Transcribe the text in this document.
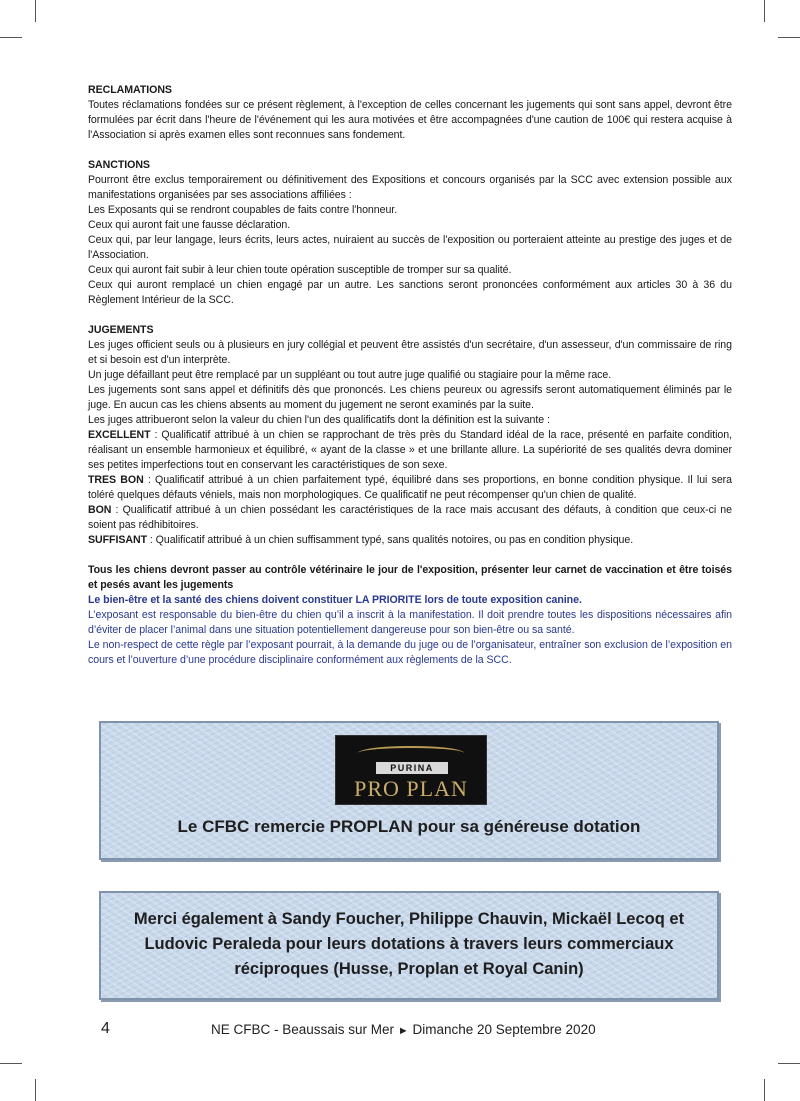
RECLAMATIONS

Toutes réclamations fondées sur ce présent règlement, à l'exception de celles concernant les jugements qui sont sans appel, devront être formulées par écrit dans l'heure de l'événement qui les aura motivées et être accompagnées d'une caution de 100€ qui restera acquise à l'Association si après examen elles sont reconnues sans fondement.

SANCTIONS

Pourront être exclus temporairement ou définitivement des Expositions et concours organisés par la SCC avec extension possible aux manifestations organisées par ses associations affiliées :

Les Exposants qui se rendront coupables de faits contre l'honneur.

Ceux qui auront fait une fausse déclaration.

Ceux qui, par leur langage, leurs écrits, leurs actes, nuiraient au succès de l'exposition ou porteraient atteinte au prestige des juges et de l'Association.

Ceux qui auront fait subir à leur chien toute opération susceptible de tromper sur sa qualité.

Ceux qui auront remplacé un chien engagé par un autre. Les sanctions seront prononcées conformément aux articles 30 à 36 du Règlement Intérieur de la SCC.

JUGEMENTS

Les juges officient seuls ou à plusieurs en jury collégial et peuvent être assistés d'un secrétaire, d'un assesseur, d'un commissaire de ring et si besoin est d'un interprète.

Un juge défaillant peut être remplacé par un suppléant ou tout autre juge qualifié ou stagiaire pour la même race.

Les jugements sont sans appel et définitifs dès que prononcés. Les chiens peureux ou agressifs seront automatiquement éliminés par le juge. En aucun cas les chiens absents au moment du jugement ne seront examinés par la suite.

Les juges attribueront selon la valeur du chien l'un des qualificatifs dont la définition est la suivante :

EXCELLENT : Qualificatif attribué à un chien se rapprochant de très près du Standard idéal de la race, présenté en parfaite condition, réalisant un ensemble harmonieux et équilibré, « ayant de la classe » et une brillante allure. La supériorité de ses qualités devra dominer ses petites imperfections tout en conservant les caractéristiques de son sexe.

TRES BON : Qualificatif attribué à un chien parfaitement typé, équilibré dans ses proportions, en bonne condition physique. Il lui sera toléré quelques défauts véniels, mais non morphologiques. Ce qualificatif ne peut récompenser qu'un chien de qualité.

BON : Qualificatif attribué à un chien possédant les caractéristiques de la race mais accusant des défauts, à condition que ceux-ci ne soient pas rédhibitoires.

SUFFISANT : Qualificatif attribué à un chien suffisamment typé, sans qualités notoires, ou pas en condition physique.

Tous les chiens devront passer au contrôle vétérinaire le jour de l'exposition, présenter leur carnet de vaccination et être toisés et pesés avant les jugements

Le bien-être et la santé des chiens doivent constituer LA PRIORITE lors de toute exposition canine.

L’exposant est responsable du bien-être du chien qu’il a inscrit à la manifestation. Il doit prendre toutes les dispositions nécessaires afin d’éviter de placer l’animal dans une situation potentiellement dangereuse pour son bien-être ou sa santé.

Le non-respect de cette règle par l’exposant pourrait, à la demande du juge ou de l’organisateur, entraîner son exclusion de l’exposition en cours et l’ouverture d’une procédure disciplinaire conformément aux règlements de la SCC.

PURINA
PRO PLAN
Le CFBC remercie PROPLAN pour sa généreuse dotation
Merci également à Sandy Foucher, Philippe Chauvin, Mickaël Lecoq et Ludovic Peraleda pour leurs dotations à travers leurs commerciaux réciproques (Husse, Proplan et Royal Canin)
4	NE CFBC - Beaussais sur Mer ► Dimanche 20 Septembre 2020
